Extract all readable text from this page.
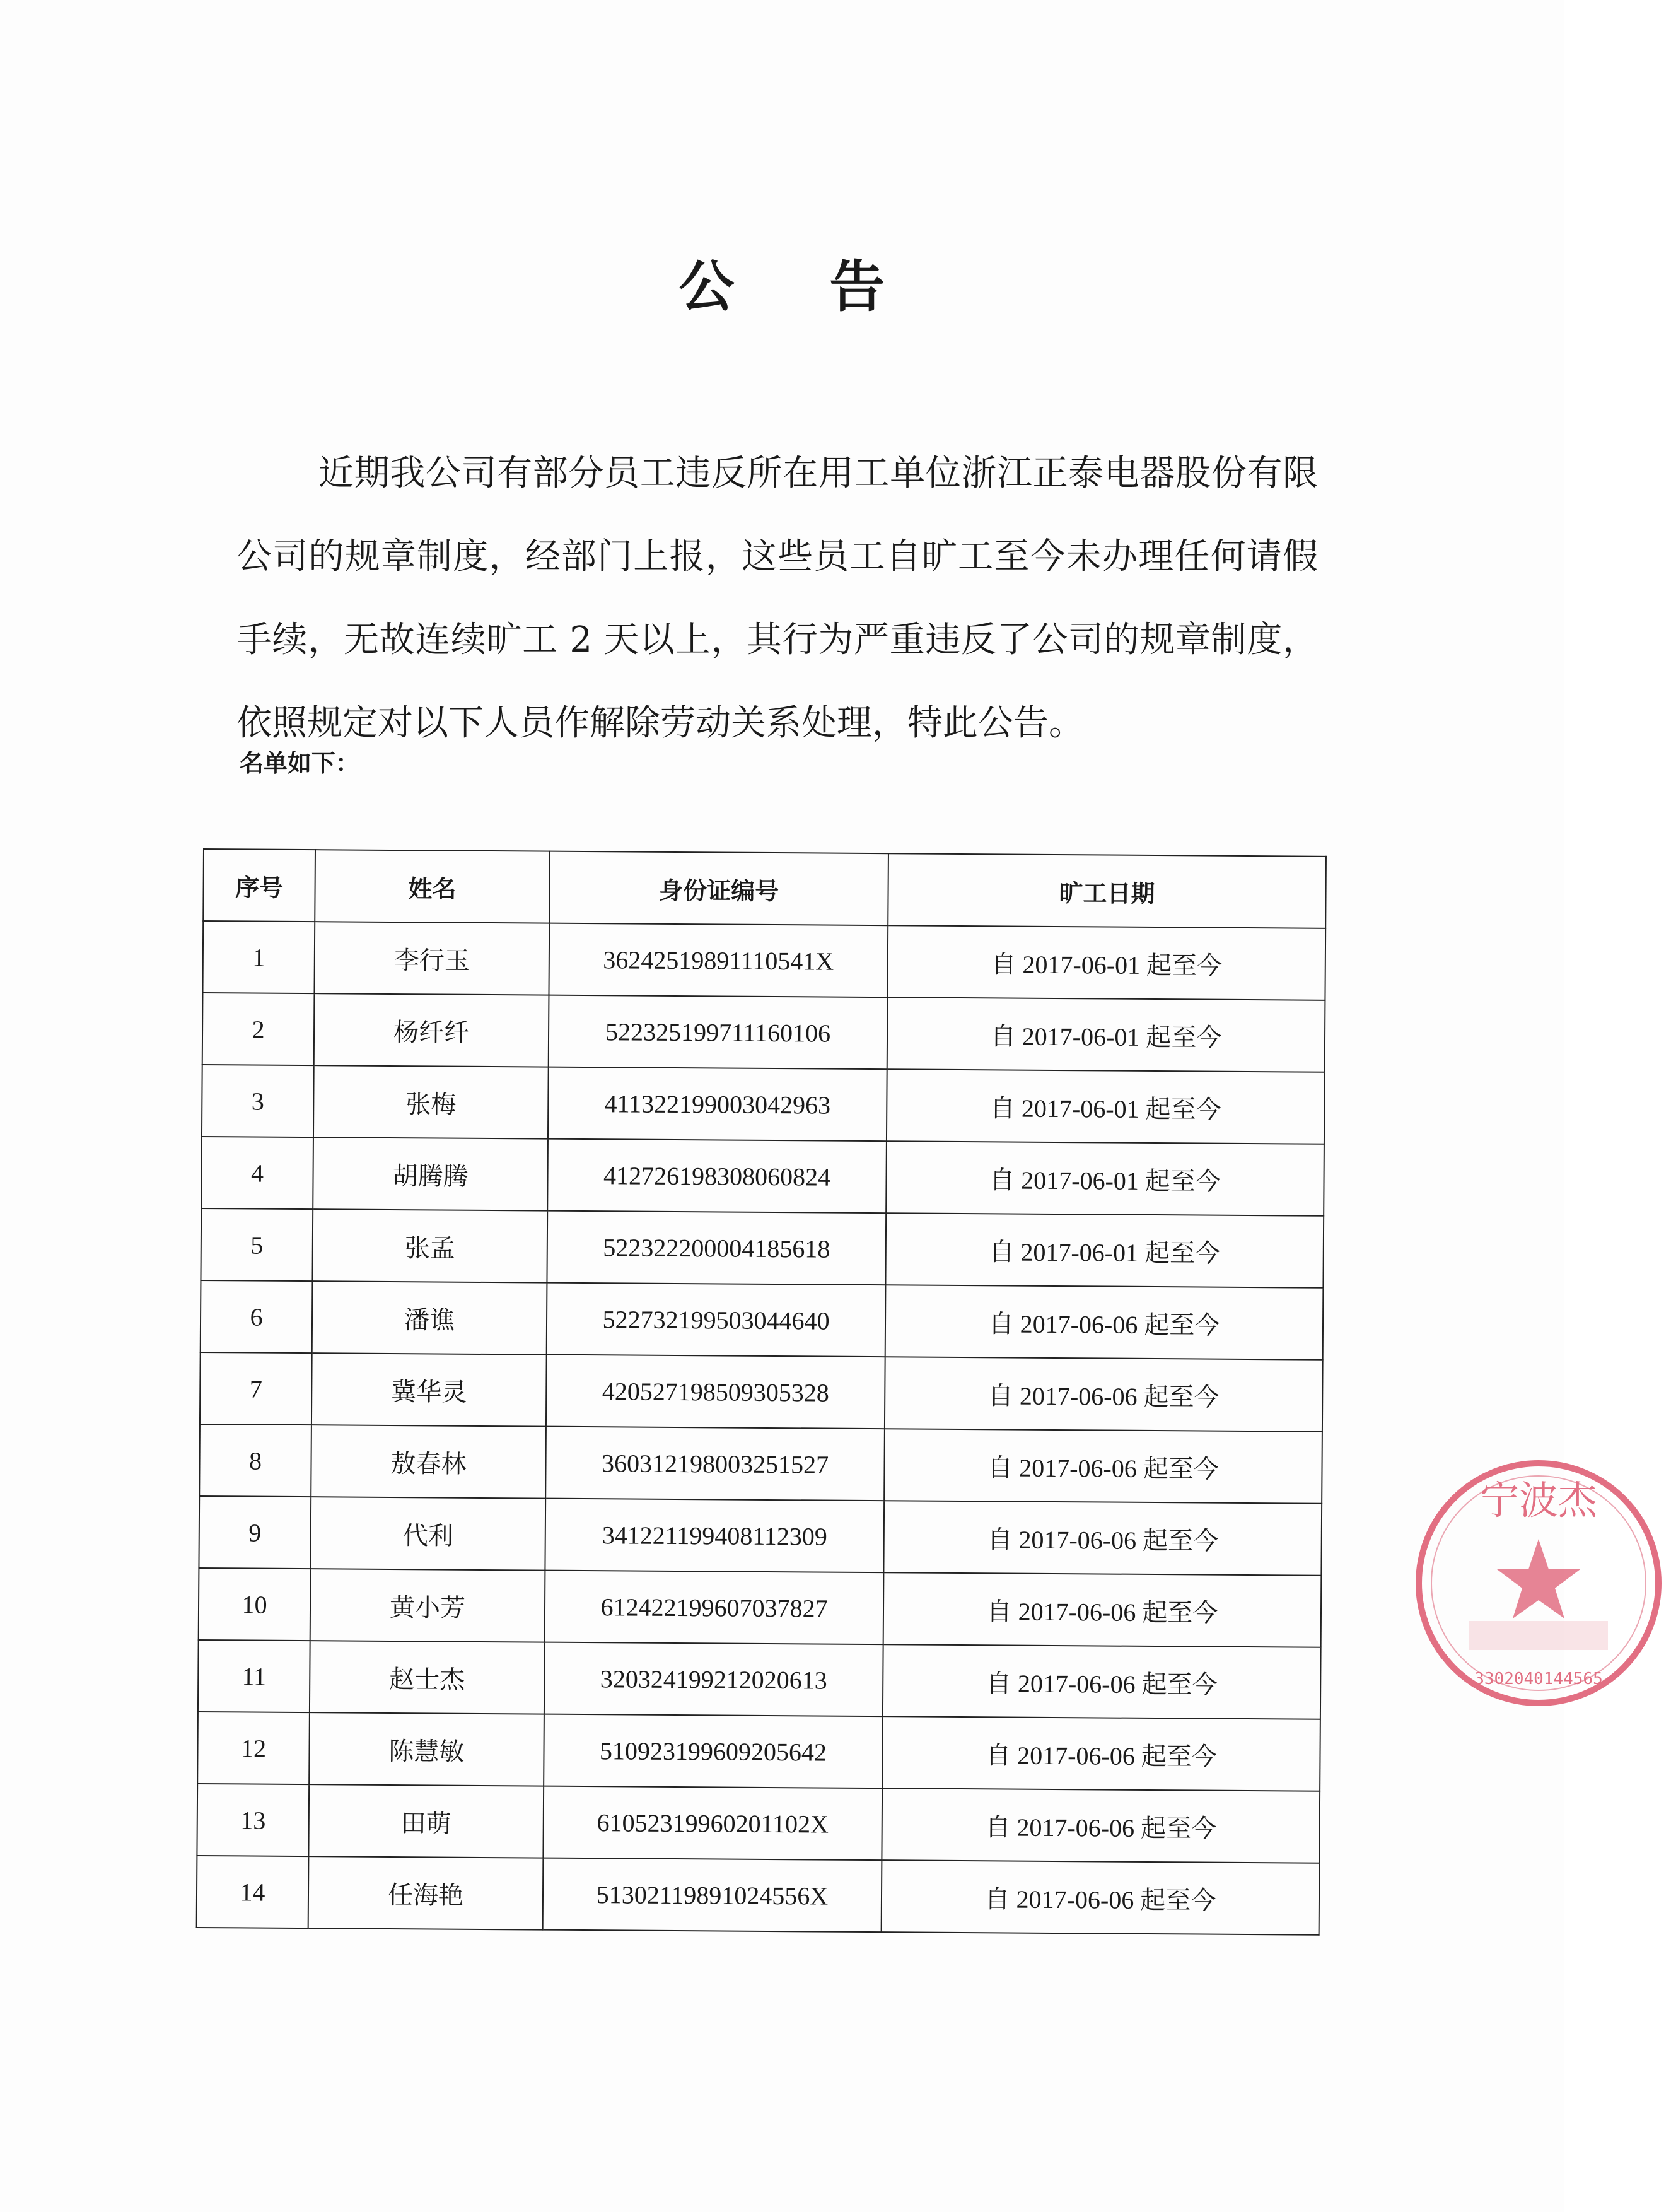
公 告
近期我公司有部分员工违反所在用工单位浙江正泰电器股份有限公司的规章制度，经部门上报，这些员工自旷工至今未办理任何请假手续，无故连续旷工 2 天以上，其行为严重违反了公司的规章制度，依照规定对以下人员作解除劳动关系处理，特此公告。
名单如下：
序号	姓名	身份证编号	旷工日期
1	李行玉	36242519891110541X	自 2017-06-01 起至今
2	杨纤纤	522325199711160106	自 2017-06-01 起至今
3	张梅	411322199003042963	自 2017-06-01 起至今
4	胡腾腾	412726198308060824	自 2017-06-01 起至今
5	张孟	522322200004185618	自 2017-06-01 起至今
6	潘谯	522732199503044640	自 2017-06-06 起至今
7	冀华灵	420527198509305328	自 2017-06-06 起至今
8	敖春林	360312198003251527	自 2017-06-06 起至今
9	代利	341221199408112309	自 2017-06-06 起至今
10	黄小芳	612422199607037827	自 2017-06-06 起至今
11	赵士杰	320324199212020613	自 2017-06-06 起至今
12	陈慧敏	510923199609205642	自 2017-06-06 起至今
13	田萌	61052319960201102X	自 2017-06-06 起至今
14	任海艳	51302119891024556X	自 2017-06-06 起至今
宁波杰
3302040144565
